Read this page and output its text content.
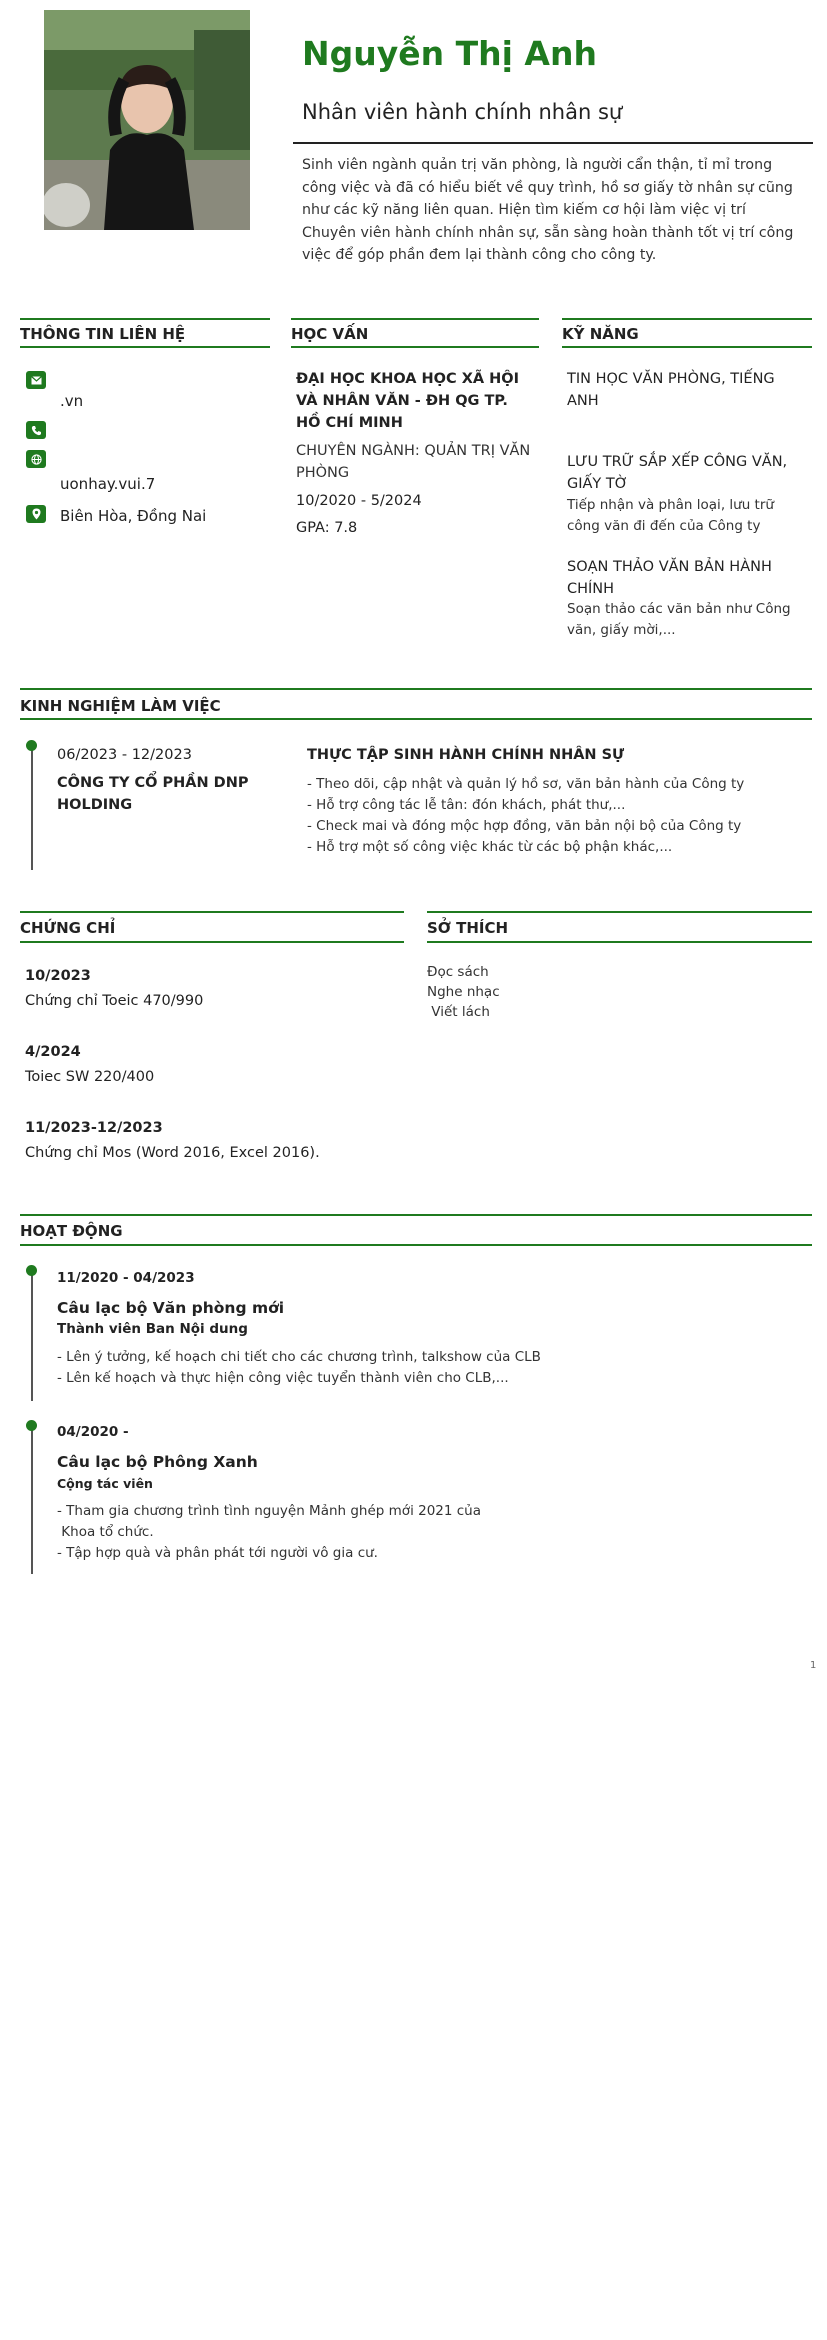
Nguyễn Thị Anh
Nhân viên hành chính nhân sự
Sinh viên ngành quản trị văn phòng, là người cẩn thận, tỉ mỉ trong công việc và đã có hiểu biết về quy trình, hồ sơ giấy tờ nhân sự cũng như các kỹ năng liên quan. Hiện tìm kiếm cơ hội làm việc vị trí Chuyên viên hành chính nhân sự, sẵn sàng hoàn thành tốt vị trí công việc để góp phần đem lại thành công cho công ty.
THÔNG TIN LIÊN HỆ
.vn
uonhay.vui.7
Biên Hòa, Đồng Nai
HỌC VẤN
ĐẠI HỌC KHOA HỌC XÃ HỘI VÀ NHÂN VĂN - ĐH QG TP. HỒ CHÍ MINH
CHUYÊN NGÀNH: QUẢN TRỊ VĂN PHÒNG
10/2020 - 5/2024
GPA: 7.8
KỸ NĂNG
TIN HỌC VĂN PHÒNG, TIẾNG ANH
LƯU TRỮ SẮP XẾP CÔNG VĂN, GIẤY TỜ
Tiếp nhận và phân loại, lưu trữ công văn đi đến của Công ty
SOẠN THẢO VĂN BẢN HÀNH CHÍNH
Soạn thảo các văn bản như Công văn, giấy mời,...
KINH NGHIỆM LÀM VIỆC
06/2023 - 12/2023
CÔNG TY CỔ PHẦN DNP HOLDING
THỰC TẬP SINH HÀNH CHÍNH NHÂN SỰ
- Theo dõi, cập nhật và quản lý hồ sơ, văn bản hành của Công ty
- Hỗ trợ công tác lễ tân: đón khách, phát thư,...
- Check mai và đóng mộc hợp đồng, văn bản nội bộ của Công ty
- Hỗ trợ một số công việc khác từ các bộ phận khác,...
CHỨNG CHỈ
10/2023
Chứng chỉ Toeic 470/990
4/2024
Toiec SW 220/400
11/2023-12/2023
Chứng chỉ Mos (Word 2016, Excel 2016).
SỞ THÍCH
Đọc sách
Nghe nhạc
Viết lách
HOẠT ĐỘNG
11/2020 - 04/2023
Câu lạc bộ Văn phòng mới
Thành viên Ban Nội dung
- Lên ý tưởng, kế hoạch chi tiết cho các chương trình, talkshow của CLB
- Lên kế hoạch và thực hiện công việc tuyển thành viên cho CLB,...
04/2020 -
Câu lạc bộ Phông Xanh
Cộng tác viên
- Tham gia chương trình tình nguyện Mảnh ghép mới 2021 của
Khoa tổ chức.
- Tập hợp quà và phân phát tới người vô gia cư.
1
